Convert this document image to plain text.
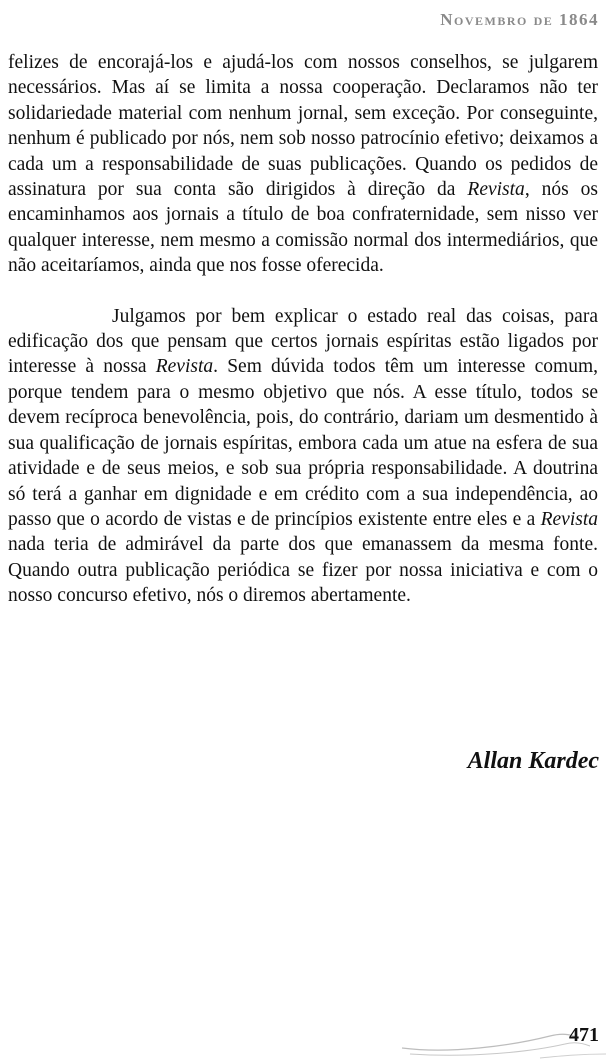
Novembro de 1864

felizes de encorajá-los e ajudá-los com nossos conselhos, se julgarem necessários. Mas aí se limita a nossa cooperação. Declaramos não ter solidariedade material com nenhum jornal, sem exceção. Por conseguinte, nenhum é publicado por nós, nem sob nosso patrocínio efetivo; deixamos a cada um a responsabilidade de suas publicações. Quando os pedidos de assinatura por sua conta são dirigidos à direção da Revista, nós os encaminhamos aos jornais a título de boa confraternidade, sem nisso ver qualquer interesse, nem mesmo a comissão normal dos intermediários, que não aceitaríamos, ainda que nos fosse oferecida.

Julgamos por bem explicar o estado real das coisas, para edificação dos que pensam que certos jornais espíritas estão ligados por interesse à nossa Revista. Sem dúvida todos têm um interesse comum, porque tendem para o mesmo objetivo que nós. A esse título, todos se devem recíproca benevolência, pois, do contrário, dariam um desmentido à sua qualificação de jornais espíritas, embora cada um atue na esfera de sua atividade e de seus meios, e sob sua própria responsabilidade. A doutrina só terá a ganhar em dignidade e em crédito com a sua independência, ao passo que o acordo de vistas e de princípios existente entre eles e a Revista nada teria de admirável da parte dos que emanassem da mesma fonte. Quando outra publicação periódica se fizer por nossa iniciativa e com o nosso concurso efetivo, nós o diremos abertamente.

Allan Kardec
471
